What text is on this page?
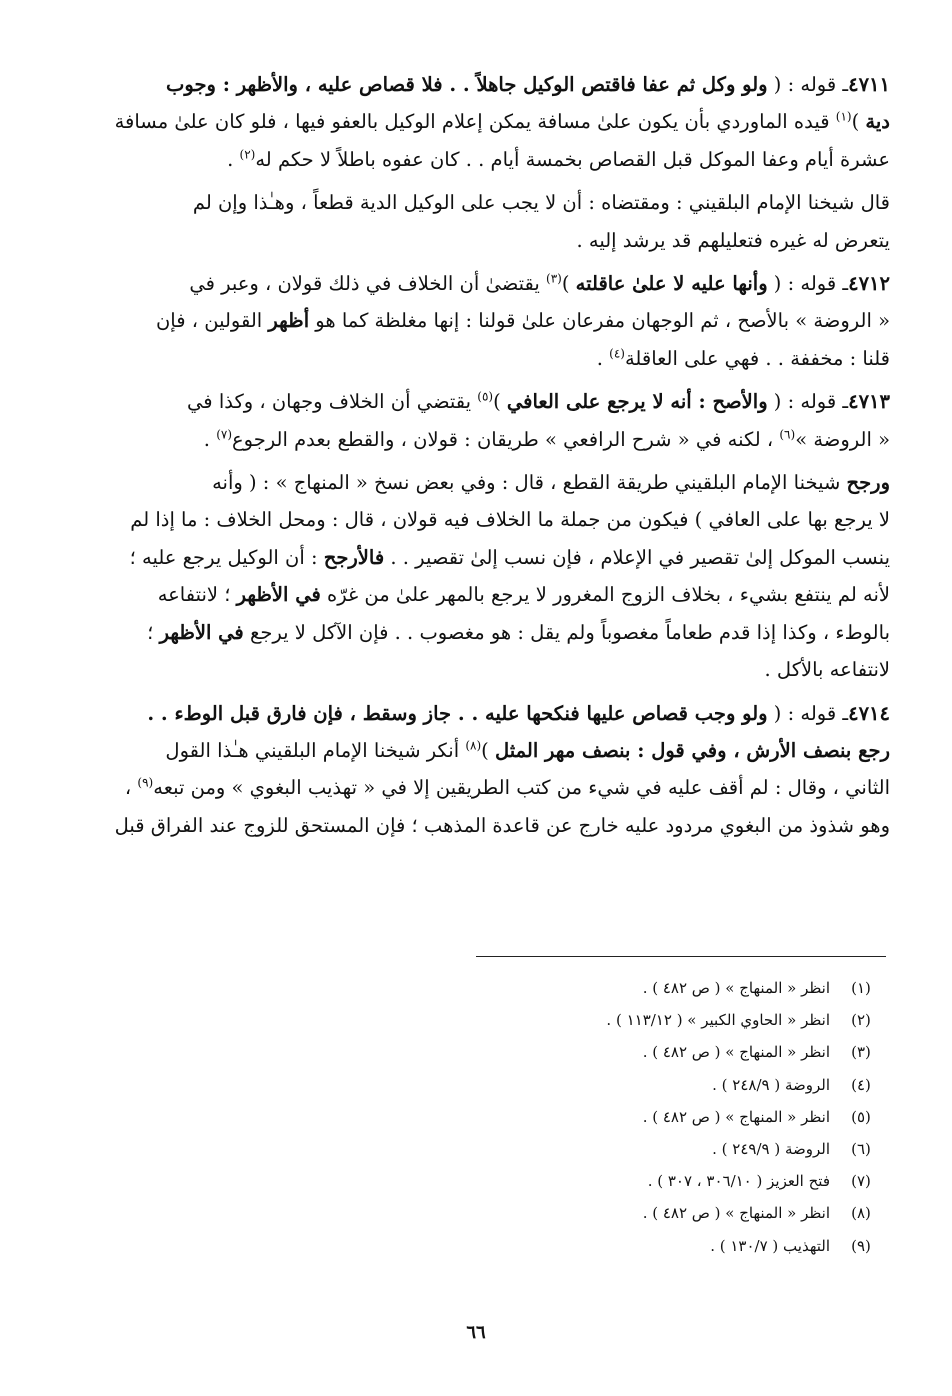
٤٧١١ـ قوله : ( ولو وكل ثم عفا فاقتص الوكيل جاهلاً . . فلا قصاص عليه ، والأظهر : وجوب
دية )$^{(١)}$ قيده الماوردي بأن يكون علىٰ مسافة يمكن إعلام الوكيل بالعفو فيها ، فلو كان علىٰ مسافة
عشرة أيام وعفا الموكل قبل القصاص بخمسة أيام . . كان عفوه باطلاً لا حكم له$^{(٢)}$ .
قال شيخنا الإمام البلقيني : ومقتضاه : أن لا يجب على الوكيل الدية قطعاً ، وهـٰذا وإن لم
يتعرض له غيره فتعليلهم قد يرشد إليه .
٤٧١٢ـ قوله : ( وأنها عليه لا علىٰ عاقلته )$^{(٣)}$ يقتضىٰ أن الخلاف في ذلك قولان ، وعبر في
« الروضة » بالأصح ، ثم الوجهان مفرعان علىٰ قولنا : إنها مغلظة كما هو أظهر القولين ، فإن
قلنا : مخففة . . فهي على العاقلة$^{(٤)}$ .
٤٧١٣ـ قوله : ( والأصح : أنه لا يرجع على العافي )$^{(٥)}$ يقتضي أن الخلاف وجهان ، وكذا في
« الروضة »$^{(٦)}$ ، لكنه في « شرح الرافعي » طريقان : قولان ، والقطع بعدم الرجوع$^{(٧)}$ .
ورجح شيخنا الإمام البلقيني طريقة القطع ، قال : وفي بعض نسخ « المنهاج » : ( وأنه
لا يرجع بها على العافي ) فيكون من جملة ما الخلاف فيه قولان ، قال : ومحل الخلاف : ما إذا لم
ينسب الموكل إلىٰ تقصير في الإعلام ، فإن نسب إلىٰ تقصير . . فالأرجح : أن الوكيل يرجع عليه ؛
لأنه لم ينتفع بشيء ، بخلاف الزوج المغرور لا يرجع بالمهر علىٰ من غرّه في الأظهر ؛ لانتفاعه
بالوطء ، وكذا إذا قدم طعاماً مغصوباً ولم يقل : هو مغصوب . . فإن الآكل لا يرجع في الأظهر ؛
لانتفاعه بالأكل .
٤٧١٤ـ قوله : ( ولو وجب قصاص عليها فنكحها عليه . . جاز وسقط ، فإن فارق قبل الوطء . .
رجع بنصف الأرش ، وفي قول : بنصف مهر المثل )$^{(٨)}$ أنكر شيخنا الإمام البلقيني هـٰذا القول
الثاني ، وقال : لم أقف عليه في شيء من كتب الطريقين إلا في « تهذيب البغوي » ومن تبعه$^{(٩)}$ ،
وهو شذوذ من البغوي مردود عليه خارج عن قاعدة المذهب ؛ فإن المستحق للزوج عند الفراق قبل
(١)
انظر « المنهاج » ( ص ٤٨٢ ) .
(٢)
انظر « الحاوي الكبير » ( ١١٣/١٢ ) .
(٣)
انظر « المنهاج » ( ص ٤٨٢ ) .
(٤)
الروضة ( ٢٤٨/٩ ) .
(٥)
انظر « المنهاج » ( ص ٤٨٢ ) .
(٦)
الروضة ( ٢٤٩/٩ ) .
(٧)
فتح العزيز ( ٣٠٦/١٠ ، ٣٠٧ ) .
(٨)
انظر « المنهاج » ( ص ٤٨٢ ) .
(٩)
التهذيب ( ١٣٠/٧ ) .
٦٦
